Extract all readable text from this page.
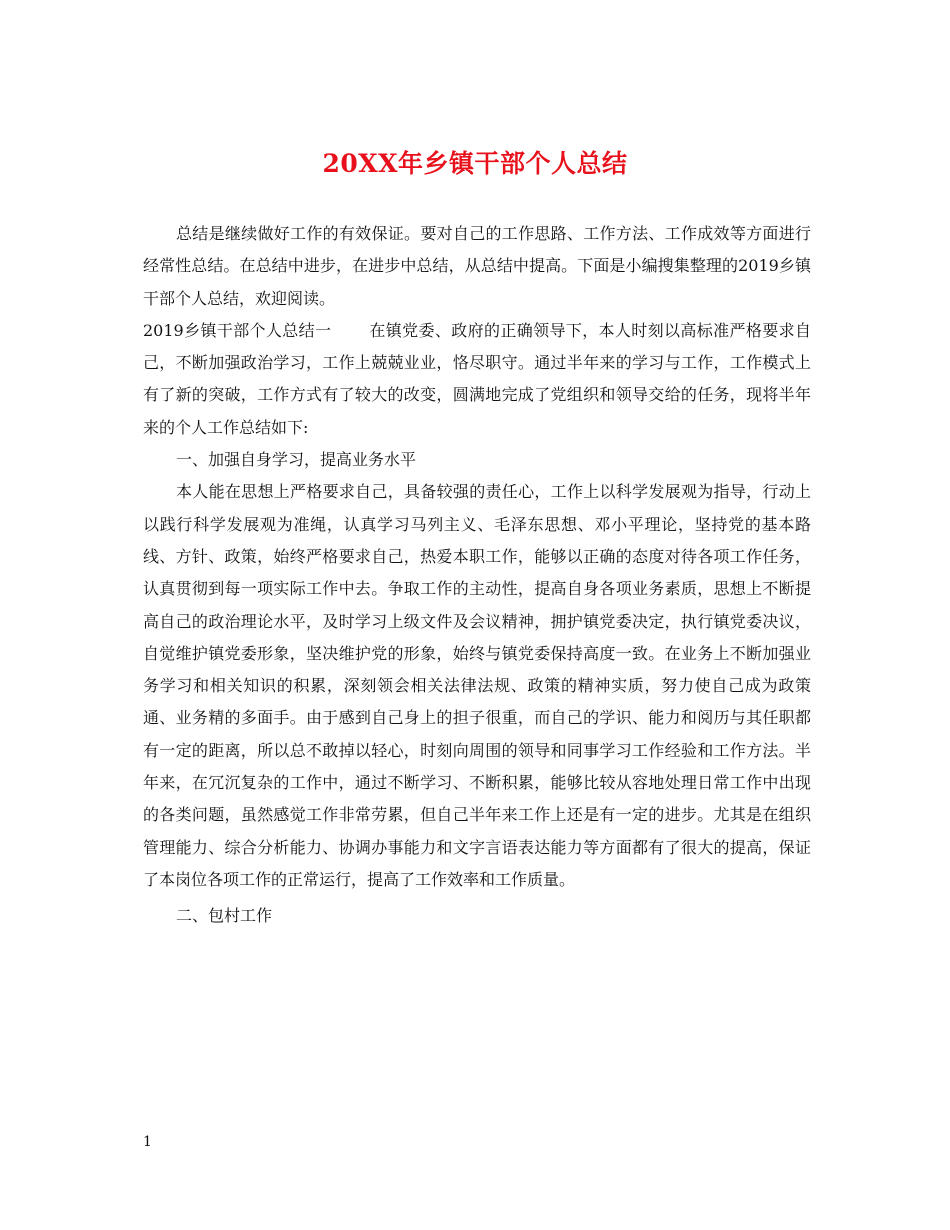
20XX年乡镇干部个人总结

总结是继续做好工作的有效保证。要对自己的工作思路、工作方法、工作成效等方面进行经常性总结。在总结中进步，在进步中总结，从总结中提高。下面是小编搜集整理的2019乡镇干部个人总结，欢迎阅读。

2019乡镇干部个人总结一 在镇党委、政府的正确领导下，本人时刻以高标准严格要求自己，不断加强政治学习，工作上兢兢业业，恪尽职守。通过半年来的学习与工作，工作模式上有了新的突破，工作方式有了较大的改变，圆满地完成了党组织和领导交给的任务，现将半年来的个人工作总结如下:

一、加强自身学习，提高业务水平

本人能在思想上严格要求自己，具备较强的责任心，工作上以科学发展观为指导，行动上以践行科学发展观为准绳，认真学习马列主义、毛泽东思想、邓小平理论，坚持党的基本路线、方针、政策，始终严格要求自己，热爱本职工作，能够以正确的态度对待各项工作任务，认真贯彻到每一项实际工作中去。争取工作的主动性，提高自身各项业务素质，思想上不断提高自己的政治理论水平，及时学习上级文件及会议精神，拥护镇党委决定，执行镇党委决议，自觉维护镇党委形象，坚决维护党的形象，始终与镇党委保持高度一致。在业务上不断加强业务学习和相关知识的积累，深刻领会相关法律法规、政策的精神实质，努力使自己成为政策通、业务精的多面手。由于感到自己身上的担子很重，而自己的学识、能力和阅历与其任职都有一定的距离，所以总不敢掉以轻心，时刻向周围的领导和同事学习工作经验和工作方法。半年来，在冗沉复杂的工作中，通过不断学习、不断积累，能够比较从容地处理日常工作中出现的各类问题，虽然感觉工作非常劳累，但自己半年来工作上还是有一定的进步。尤其是在组织管理能力、综合分析能力、协调办事能力和文字言语表达能力等方面都有了很大的提高，保证了本岗位各项工作的正常运行，提高了工作效率和工作质量。

二、包村工作

1
